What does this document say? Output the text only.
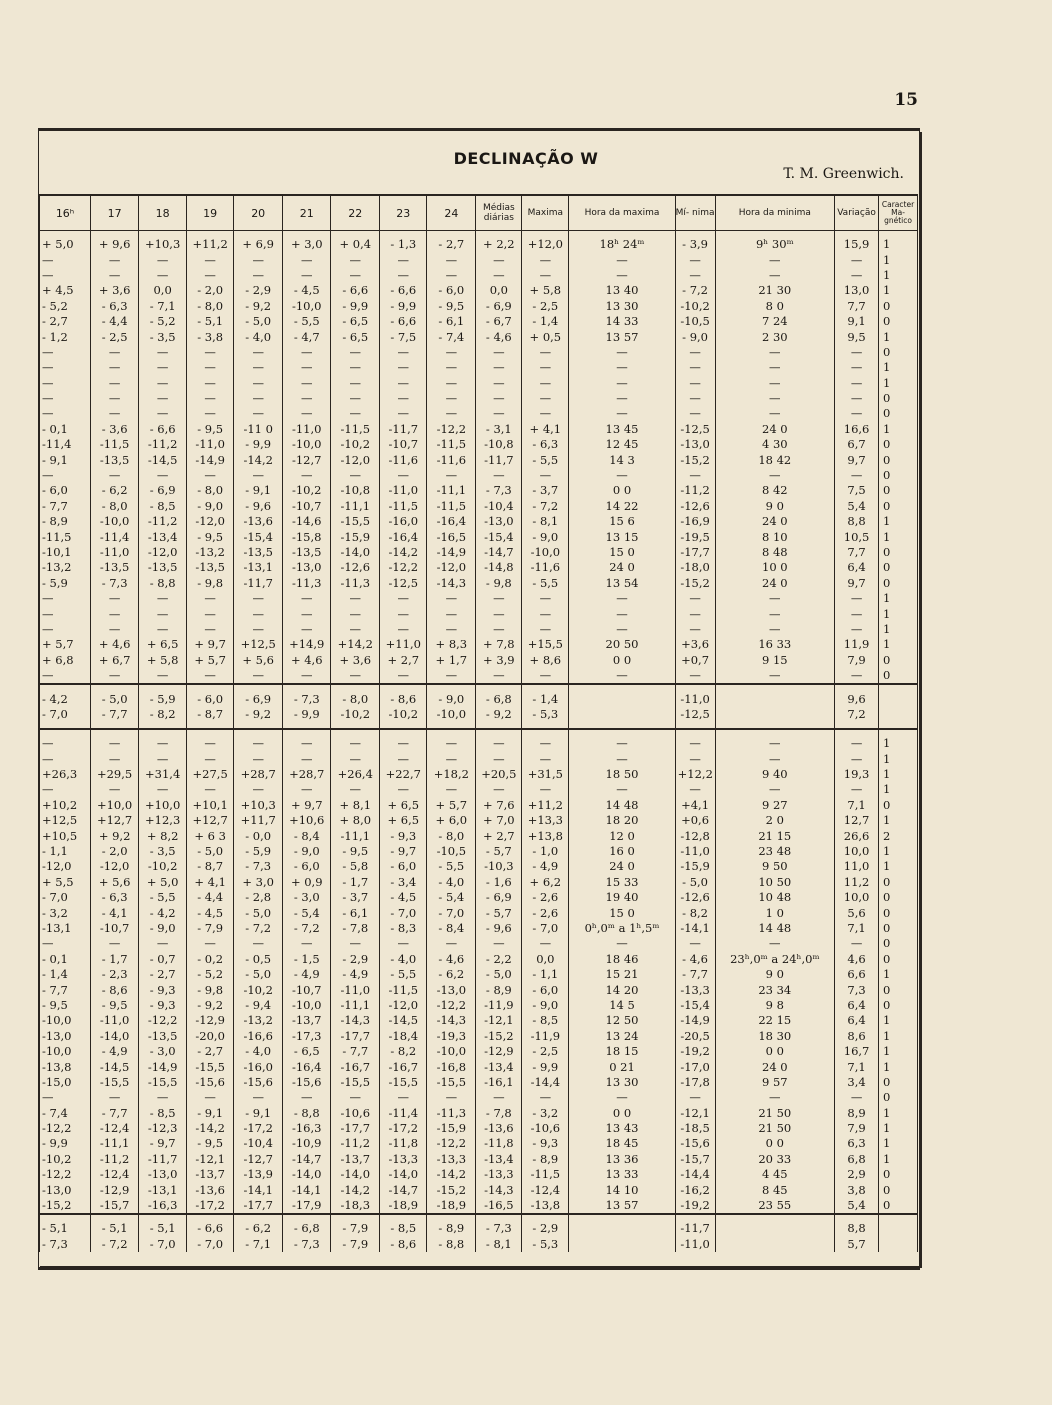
15
DECLINAÇÃO W
T. M. Greenwich.
16ʰ	17	18	19	20	21	22	23	24	Médias diárias	Maxima	Hora da maxima	Mí- nima	Hora da minima	Variação	Caracter Ma- gnético

+ 5,0	+ 9,6	+10,3	+11,2	+ 6,9	+ 3,0	+ 0,4	- 1,3	- 2,7	+ 2,2	+12,0	18ʰ 24ᵐ	- 3,9	9ʰ 30ᵐ	15,9	1
—	—	—	—	—	—	—	—	—	—	—	—	—	—	—	1
—	—	—	—	—	—	—	—	—	—	—	—	—	—	—	1
+ 4,5	+ 3,6	0,0	- 2,0	- 2,9	- 4,5	- 6,6	- 6,6	- 6,0	0,0	+ 5,8	13 40	- 7,2	21 30	13,0	1
- 5,2	- 6,3	- 7,1	- 8,0	- 9,2	-10,0	- 9,9	- 9,9	- 9,5	- 6,9	- 2,5	13 30	-10,2	8 0	7,7	0
- 2,7	- 4,4	- 5,2	- 5,1	- 5,0	- 5,5	- 6,5	- 6,6	- 6,1	- 6,7	- 1,4	14 33	-10,5	7 24	9,1	0
- 1,2	- 2,5	- 3,5	- 3,8	- 4,0	- 4,7	- 6,5	- 7,5	- 7,4	- 4,6	+ 0,5	13 57	- 9,0	2 30	9,5	1
—	—	—	—	—	—	—	—	—	—	—	—	—	—	—	0
—	—	—	—	—	—	—	—	—	—	—	—	—	—	—	1
—	—	—	—	—	—	—	—	—	—	—	—	—	—	—	1
—	—	—	—	—	—	—	—	—	—	—	—	—	—	—	0
—	—	—	—	—	—	—	—	—	—	—	—	—	—	—	0
- 0,1	- 3,6	- 6,6	- 9,5	-11 0	-11,0	-11,5	-11,7	-12,2	- 3,1	+ 4,1	13 45	-12,5	24 0	16,6	1
-11,4	-11,5	-11,2	-11,0	- 9,9	-10,0	-10,2	-10,7	-11,5	-10,8	- 6,3	12 45	-13,0	4 30	6,7	0
- 9,1	-13,5	-14,5	-14,9	-14,2	-12,7	-12,0	-11,6	-11,6	-11,7	- 5,5	14 3	-15,2	18 42	9,7	0
—	—	—	—	—	—	—	—	—	—	—	—	—	—	—	0
- 6,0	- 6,2	- 6,9	- 8,0	- 9,1	-10,2	-10,8	-11,0	-11,1	- 7,3	- 3,7	0 0	-11,2	8 42	7,5	0
- 7,7	- 8,0	- 8,5	- 9,0	- 9,6	-10,7	-11,1	-11,5	-11,5	-10,4	- 7,2	14 22	-12,6	9 0	5,4	0
- 8,9	-10,0	-11,2	-12,0	-13,6	-14,6	-15,5	-16,0	-16,4	-13,0	- 8,1	15 6	-16,9	24 0	8,8	1
-11,5	-11,4	-13,4	- 9,5	-15,4	-15,8	-15,9	-16,4	-16,5	-15,4	- 9,0	13 15	-19,5	8 10	10,5	1
-10,1	-11,0	-12,0	-13,2	-13,5	-13,5	-14,0	-14,2	-14,9	-14,7	-10,0	15 0	-17,7	8 48	7,7	0
-13,2	-13,5	-13,5	-13,5	-13,1	-13,0	-12,6	-12,2	-12,0	-14,8	-11,6	24 0	-18,0	10 0	6,4	0
- 5,9	- 7,3	- 8,8	- 9,8	-11,7	-11,3	-11,3	-12,5	-14,3	- 9,8	- 5,5	13 54	-15,2	24 0	9,7	0
—	—	—	—	—	—	—	—	—	—	—	—	—	—	—	1
—	—	—	—	—	—	—	—	—	—	—	—	—	—	—	1
—	—	—	—	—	—	—	—	—	—	—	—	—	—	—	1
+ 5,7	+ 4,6	+ 6,5	+ 9,7	+12,5	+14,9	+14,2	+11,0	+ 8,3	+ 7,8	+15,5	20 50	+3,6	16 33	11,9	1
+ 6,8	+ 6,7	+ 5,8	+ 5,7	+ 5,6	+ 4,6	+ 3,6	+ 2,7	+ 1,7	+ 3,9	+ 8,6	0 0	+0,7	9 15	7,9	0
—	—	—	—	—	—	—	—	—	—	—	—	—	—	—	0

- 4,2	- 5,0	- 5,9	- 6,0	- 6,9	- 7,3	- 8,0	- 8,6	- 9,0	- 6,8	- 1,4		-11,0		9,6	
- 7,0	- 7,7	- 8,2	- 8,7	- 9,2	- 9,9	-10,2	-10,2	-10,0	- 9,2	- 5,3		-12,5		7,2	

—	—	—	—	—	—	—	—	—	—	—	—	—	—	—	1
—	—	—	—	—	—	—	—	—	—	—	—	—	—	—	1
+26,3	+29,5	+31,4	+27,5	+28,7	+28,7	+26,4	+22,7	+18,2	+20,5	+31,5	18 50	+12,2	9 40	19,3	1
—	—	—	—	—	—	—	—	—	—	—	—	—	—	—	1
+10,2	+10,0	+10,0	+10,1	+10,3	+ 9,7	+ 8,1	+ 6,5	+ 5,7	+ 7,6	+11,2	14 48	+4,1	9 27	7,1	0
+12,5	+12,7	+12,3	+12,7	+11,7	+10,6	+ 8,0	+ 6,5	+ 6,0	+ 7,0	+13,3	18 20	+0,6	2 0	12,7	1
+10,5	+ 9,2	+ 8,2	+ 6 3	- 0,0	- 8,4	-11,1	- 9,3	- 8,0	+ 2,7	+13,8	12 0	-12,8	21 15	26,6	2
- 1,1	- 2,0	- 3,5	- 5,0	- 5,9	- 9,0	- 9,5	- 9,7	-10,5	- 5,7	- 1,0	16 0	-11,0	23 48	10,0	1
-12,0	-12,0	-10,2	- 8,7	- 7,3	- 6,0	- 5,8	- 6,0	- 5,5	-10,3	- 4,9	24 0	-15,9	9 50	11,0	1
+ 5,5	+ 5,6	+ 5,0	+ 4,1	+ 3,0	+ 0,9	- 1,7	- 3,4	- 4,0	- 1,6	+ 6,2	15 33	- 5,0	10 50	11,2	0
- 7,0	- 6,3	- 5,5	- 4,4	- 2,8	- 3,0	- 3,7	- 4,5	- 5,4	- 6,9	- 2,6	19 40	-12,6	10 48	10,0	0
- 3,2	- 4,1	- 4,2	- 4,5	- 5,0	- 5,4	- 6,1	- 7,0	- 7,0	- 5,7	- 2,6	15 0	- 8,2	1 0	5,6	0
-13,1	-10,7	- 9,0	- 7,9	- 7,2	- 7,2	- 7,8	- 8,3	- 8,4	- 9,6	- 7,0	0ʰ,0ᵐ a 1ʰ,5ᵐ	-14,1	14 48	7,1	0
—	—	—	—	—	—	—	—	—	—	—	—	—	—	—	0
- 0,1	- 1,7	- 0,7	- 0,2	- 0,5	- 1,5	- 2,9	- 4,0	- 4,6	- 2,2	0,0	18 46	- 4,6	23ʰ,0ᵐ a 24ʰ,0ᵐ	4,6	0
- 1,4	- 2,3	- 2,7	- 5,2	- 5,0	- 4,9	- 4,9	- 5,5	- 6,2	- 5,0	- 1,1	15 21	- 7,7	9 0	6,6	1
- 7,7	- 8,6	- 9,3	- 9,8	-10,2	-10,7	-11,0	-11,5	-13,0	- 8,9	- 6,0	14 20	-13,3	23 34	7,3	0
- 9,5	- 9,5	- 9,3	- 9,2	- 9,4	-10,0	-11,1	-12,0	-12,2	-11,9	- 9,0	14 5	-15,4	9 8	6,4	0
-10,0	-11,0	-12,2	-12,9	-13,2	-13,7	-14,3	-14,5	-14,3	-12,1	- 8,5	12 50	-14,9	22 15	6,4	1
-13,0	-14,0	-13,5	-20,0	-16,6	-17,3	-17,7	-18,4	-19,3	-15,2	-11,9	13 24	-20,5	18 30	8,6	1
-10,0	- 4,9	- 3,0	- 2,7	- 4,0	- 6,5	- 7,7	- 8,2	-10,0	-12,9	- 2,5	18 15	-19,2	0 0	16,7	1
-13,8	-14,5	-14,9	-15,5	-16,0	-16,4	-16,7	-16,7	-16,8	-13,4	- 9,9	0 21	-17,0	24 0	7,1	1
-15,0	-15,5	-15,5	-15,6	-15,6	-15,6	-15,5	-15,5	-15,5	-16,1	-14,4	13 30	-17,8	9 57	3,4	0
—	—	—	—	—	—	—	—	—	—	—	—	—	—	—	0
- 7,4	- 7,7	- 8,5	- 9,1	- 9,1	- 8,8	-10,6	-11,4	-11,3	- 7,8	- 3,2	0 0	-12,1	21 50	8,9	1
-12,2	-12,4	-12,3	-14,2	-17,2	-16,3	-17,7	-17,2	-15,9	-13,6	-10,6	13 43	-18,5	21 50	7,9	1
- 9,9	-11,1	- 9,7	- 9,5	-10,4	-10,9	-11,2	-11,8	-12,2	-11,8	- 9,3	18 45	-15,6	0 0	6,3	1
-10,2	-11,2	-11,7	-12,1	-12,7	-14,7	-13,7	-13,3	-13,3	-13,4	- 8,9	13 36	-15,7	20 33	6,8	1
-12,2	-12,4	-13,0	-13,7	-13,9	-14,0	-14,0	-14,0	-14,2	-13,3	-11,5	13 33	-14,4	4 45	2,9	0
-13,0	-12,9	-13,1	-13,6	-14,1	-14,1	-14,2	-14,7	-15,2	-14,3	-12,4	14 10	-16,2	8 45	3,8	0
-15,2	-15,7	-16,3	-17,2	-17,7	-17,9	-18,3	-18,9	-18,9	-16,5	-13,8	13 57	-19,2	23 55	5,4	0

- 5,1	- 5,1	- 5,1	- 6,6	- 6,2	- 6,8	- 7,9	- 8,5	- 8,9	- 7,3	- 2,9		-11,7		8,8	
- 7,3	- 7,2	- 7,0	- 7,0	- 7,1	- 7,3	- 7,9	- 8,6	- 8,8	- 8,1	- 5,3		-11,0		5,7	
